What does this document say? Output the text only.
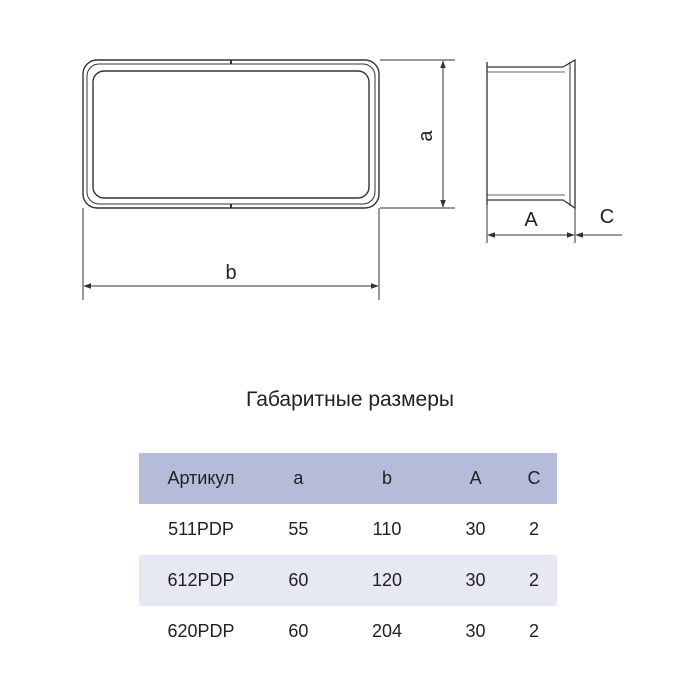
a
b
A	C
Габаритные размеры
Артикул	a	b	A	C
511PDP	55	110	30	2
612PDP	60	120	30	2
620PDP	60	204	30	2
